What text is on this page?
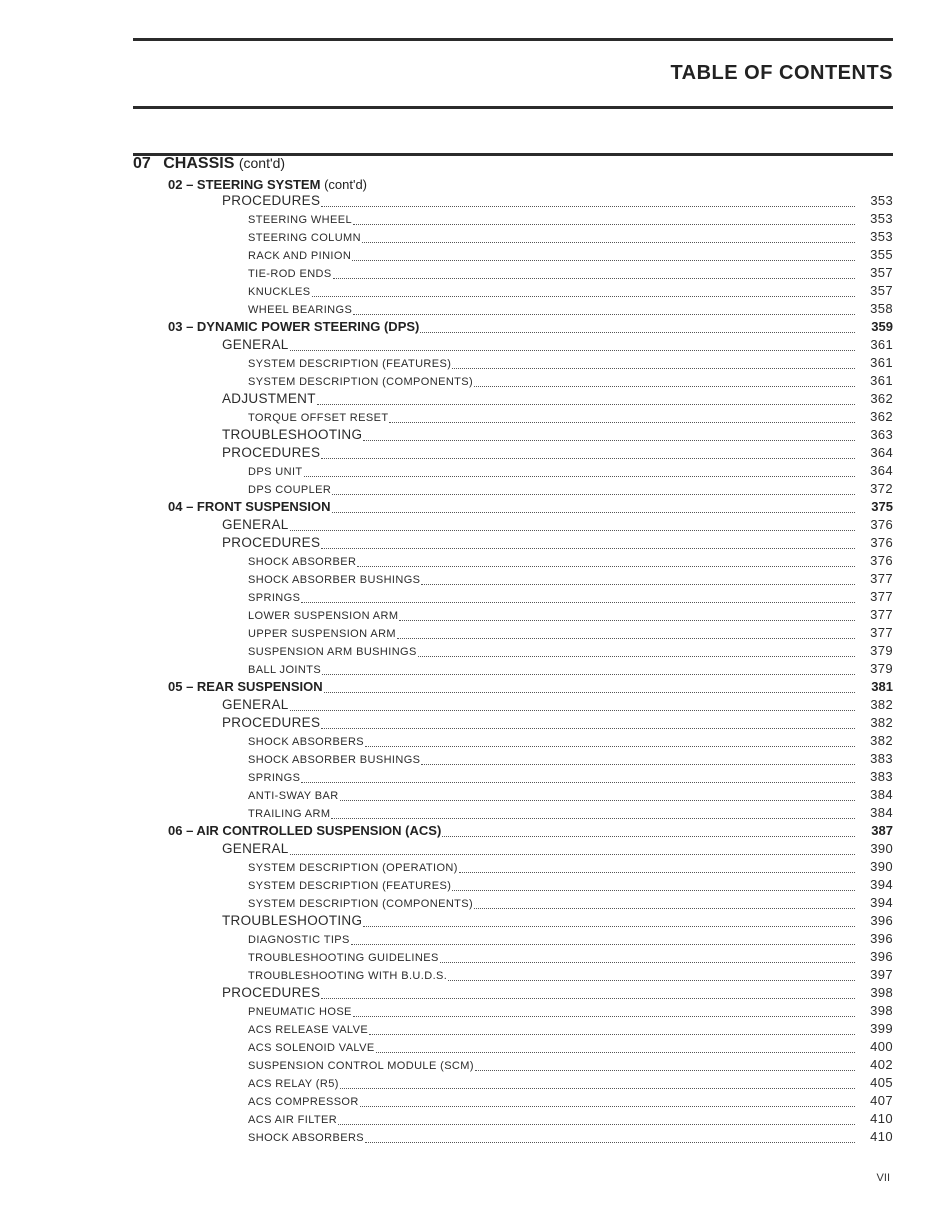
TABLE OF CONTENTS
07 CHASSIS (cont'd)
02 – STEERING SYSTEM (cont'd)
PROCEDURES	353
STEERING WHEEL	353
STEERING COLUMN	353
RACK AND PINION	355
TIE-ROD ENDS	357
KNUCKLES	357
WHEEL BEARINGS	358
03 – DYNAMIC POWER STEERING (DPS)	359
GENERAL	361
SYSTEM DESCRIPTION (FEATURES)	361
SYSTEM DESCRIPTION (COMPONENTS)	361
ADJUSTMENT	362
TORQUE OFFSET RESET	362
TROUBLESHOOTING	363
PROCEDURES	364
DPS UNIT	364
DPS COUPLER	372
04 – FRONT SUSPENSION	375
GENERAL	376
PROCEDURES	376
SHOCK ABSORBER	376
SHOCK ABSORBER BUSHINGS	377
SPRINGS	377
LOWER SUSPENSION ARM	377
UPPER SUSPENSION ARM	377
SUSPENSION ARM BUSHINGS	379
BALL JOINTS	379
05 – REAR SUSPENSION	381
GENERAL	382
PROCEDURES	382
SHOCK ABSORBERS	382
SHOCK ABSORBER BUSHINGS	383
SPRINGS	383
ANTI-SWAY BAR	384
TRAILING ARM	384
06 – AIR CONTROLLED SUSPENSION (ACS)	387
GENERAL	390
SYSTEM DESCRIPTION (OPERATION)	390
SYSTEM DESCRIPTION (FEATURES)	394
SYSTEM DESCRIPTION (COMPONENTS)	394
TROUBLESHOOTING	396
DIAGNOSTIC TIPS	396
TROUBLESHOOTING GUIDELINES	396
TROUBLESHOOTING WITH B.U.D.S.	397
PROCEDURES	398
PNEUMATIC HOSE	398
ACS RELEASE VALVE	399
ACS SOLENOID VALVE	400
SUSPENSION CONTROL MODULE (SCM)	402
ACS RELAY (R5)	405
ACS COMPRESSOR	407
ACS AIR FILTER	410
SHOCK ABSORBERS	410
VII
